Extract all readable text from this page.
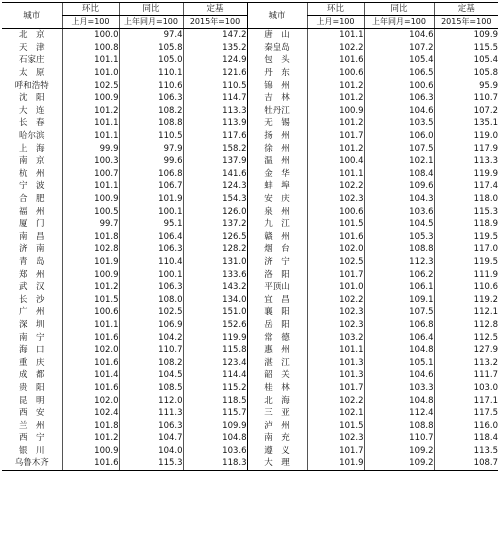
城市	环比	同比	定基	城市	环比	同比	定基
	上月=100	上年同月=100	2015年=100		上月=100	上年同月=100	2015年=100
北　京	100.0	97.4	147.2	唐　山	101.1	104.6	109.9
天　津	100.8	105.8	135.2	秦皇岛	102.2	107.2	115.5
石家庄	101.1	105.0	124.9	包　头	101.6	105.4	105.4
太　原	101.0	110.1	121.6	丹　东	100.6	106.5	105.8
呼和浩特	102.5	110.6	110.5	锦　州	101.2	100.6	95.9
沈　阳	100.9	106.3	114.7	吉　林	101.2	106.3	110.7
大　连	101.2	108.2	113.3	牡丹江	100.9	104.6	107.2
长　春	101.1	108.8	113.9	无　锡	101.2	103.5	135.1
哈尔滨	101.1	110.5	117.6	扬　州	101.7	106.0	119.0
上　海	99.9	97.9	158.2	徐　州	101.2	107.5	117.9
南　京	100.3	99.6	137.9	温　州	100.4	102.1	113.3
杭　州	100.7	106.8	141.6	金　华	101.1	108.4	119.9
宁　波	101.1	106.7	124.3	蚌　埠	102.2	109.6	117.4
合　肥	100.9	101.9	154.3	安　庆	102.3	104.3	118.0
福　州	100.5	100.1	126.0	泉　州	100.6	103.6	115.3
厦　门	99.7	95.1	137.2	九　江	101.5	104.5	118.9
南　昌	101.8	106.4	126.5	赣　州	101.6	105.3	119.5
济　南	102.8	106.3	128.2	烟　台	102.0	108.8	117.0
青　岛	101.9	110.4	131.0	济　宁	102.5	112.3	119.5
郑　州	100.9	100.1	133.6	洛　阳	101.7	106.2	111.9
武　汉	101.2	106.3	143.2	平顶山	101.0	106.1	110.6
长　沙	101.5	108.0	134.0	宜　昌	102.2	109.1	119.2
广　州	100.6	102.5	151.0	襄　阳	102.3	107.5	112.1
深　圳	101.1	106.9	152.6	岳　阳	102.3	106.8	112.8
南　宁	101.6	104.2	119.9	常　德	103.2	106.4	112.5
海　口	102.0	110.7	115.8	惠　州	101.1	104.8	127.9
重　庆	101.6	108.2	123.4	湛　江	101.3	105.1	113.2
成　都	101.4	104.5	114.4	韶　关	101.3	104.6	111.7
贵　阳	101.6	108.5	115.2	桂　林	101.7	103.3	103.0
昆　明	102.0	112.0	118.5	北　海	102.2	104.8	117.1
西　安	102.4	111.3	115.7	三　亚	102.1	112.4	117.5
兰　州	101.8	106.3	109.9	泸　州	101.5	108.8	116.0
西　宁	101.2	104.7	104.8	南　充	102.3	110.7	118.4
银　川	100.9	104.0	103.6	遵　义	101.7	109.2	113.5
乌鲁木齐	101.6	115.3	118.3	大　理	101.9	109.2	108.7
